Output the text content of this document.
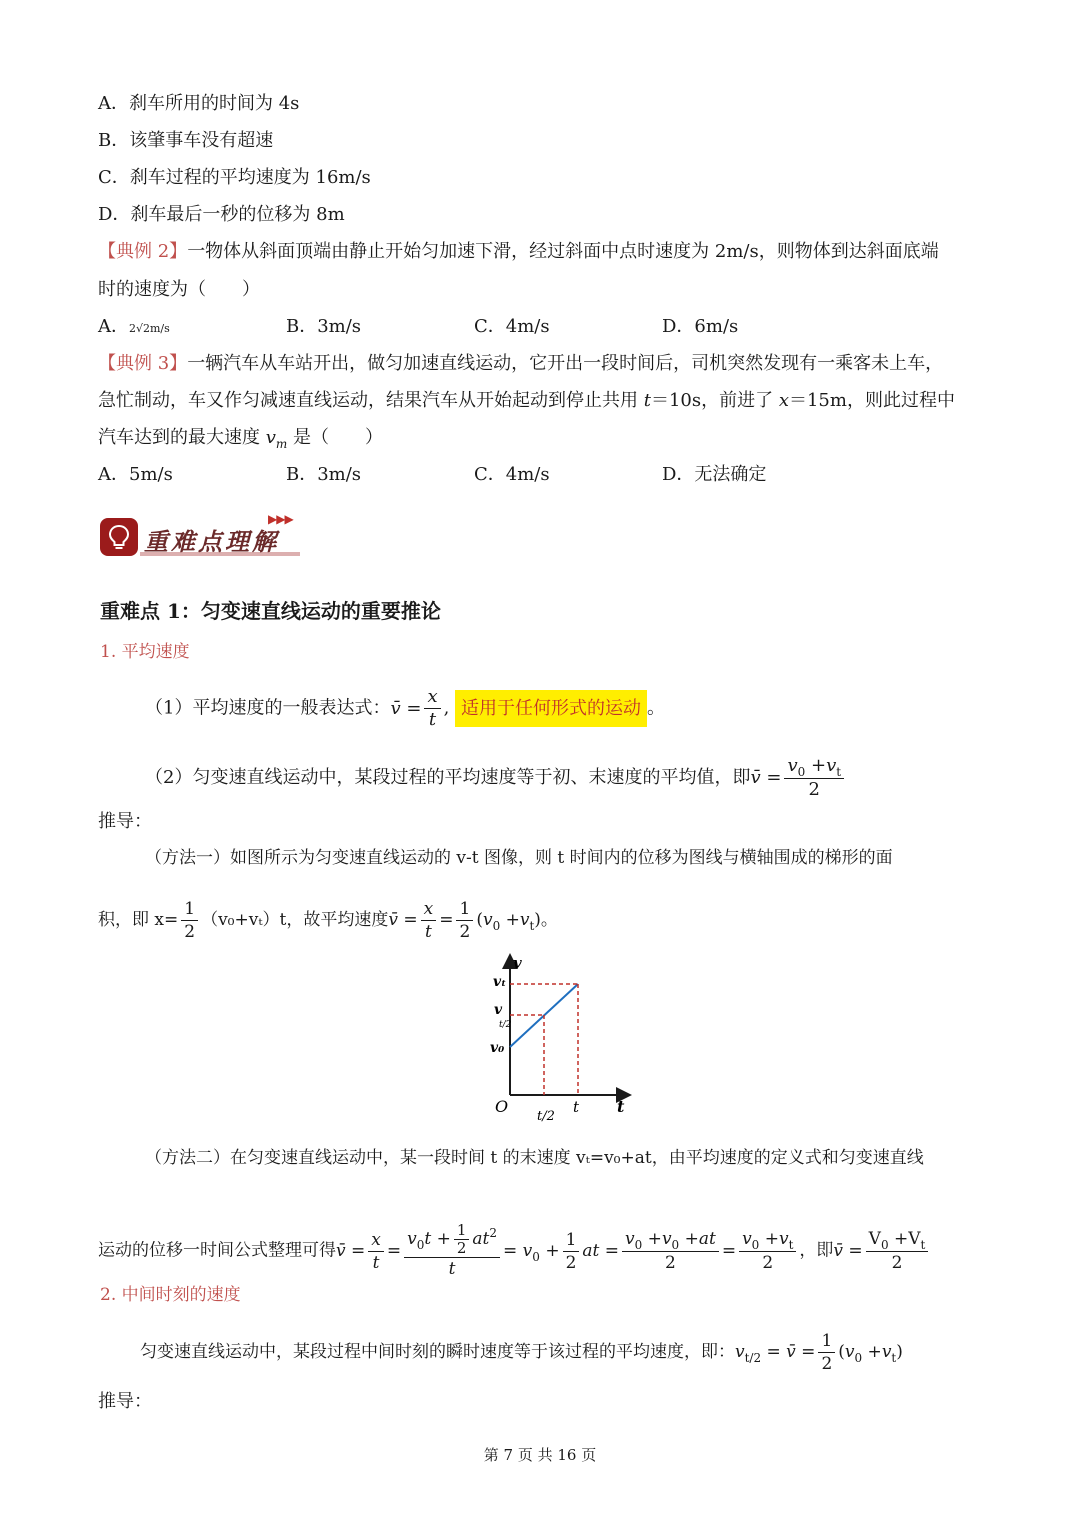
A．刹车所用的时间为 4s
B．该肇事车没有超速
C．刹车过程的平均速度为 16m/s
D．刹车最后一秒的位移为 8m
【典例 2】一物体从斜面顶端由静止开始匀加速下滑，经过斜面中点时速度为 2m/s，则物体到达斜面底端
时的速度为（　　）
A．2√2m/s	B．3m/s	C．4m/s	D．6m/s
【典例 3】一辆汽车从车站开出，做匀加速直线运动，它开出一段时间后，司机突然发现有一乘客未上车，
急忙制动，车又作匀减速直线运动，结果汽车从开始起动到停止共用 t＝10s，前进了 x＝15m，则此过程中
汽车达到的最大速度 $v_m$ 是（　　）
A．5m/s	B．3m/s	C．4m/s	D．无法确定
重难点理解
▶▶▶
重难点 1：匀变速直线运动的重要推论
1. 平均速度
（1）平均速度的一般表达式：v̄ = $\frac{x}{t}$ , 适用于任何形式的运动 。
（2）匀变速直线运动中，某段过程的平均速度等于初、末速度的平均值，即v̄ = $\frac{v_0 +v_t}{2}$
推导：
（方法一）如图所示为匀变速直线运动的 v-t 图像，则 t 时间内的位移为图线与横轴围成的梯形的面
积，即 $x= \frac{1}{2} (v_0+v_t)t$，故平均速度v̄ = $\frac{x}{t} = \frac{1}{2} (v_0 +v_t)$。
v
t
O
vₜ
v
t/2
v₀
t/2
t
（方法二）在匀变速直线运动中，某一段时间 t 的末速度 vₜ=v₀+at，由平均速度的定义式和匀变速直线
运动的位移一时间公式整理可得v̄ = $\frac{x}{t} = \frac{v_0t + \frac{1}{2} at^2}{t} = v_0 + \frac{1}{2}$ at = $\frac{v_0 +v_0 +at}{2} = \frac{v_0 +v_t}{2}$ ，即v̄ = $\frac{V_0 +V_t}{2}$
2. 中间时刻的速度
匀变速直线运动中，某段过程中间时刻的瞬时速度等于该过程的平均速度，即：$v_{t/2}$ = v̄ = $\frac{1}{2} (v_0 +v_t)$
推导：
第 7 页 共 16 页
